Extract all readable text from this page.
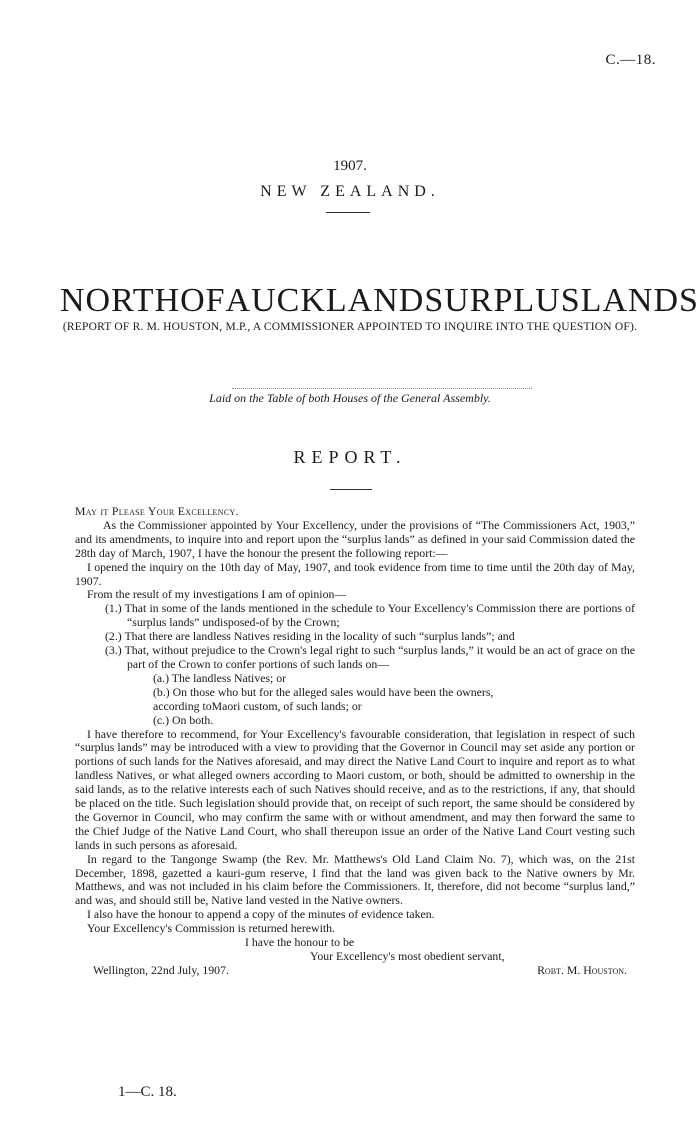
C.—18.
1907.
NEW ZEALAND.
NORTH OF AUCKLAND SURPLUS LANDS
(REPORT OF R. M. HOUSTON, M.P., A COMMISSIONER APPOINTED TO INQUIRE INTO THE QUESTION OF).
Laid on the Table of both Houses of the General Assembly.
REPORT.

May it Please Your Excellency.

As the Commissioner appointed by Your Excellency, under the provisions of “The Commissioners Act, 1903,” and its amendments, to inquire into and report upon the “surplus lands” as defined in your said Commission dated the 28th day of March, 1907, I have the honour the present the following report:—

I opened the inquiry on the 10th day of May, 1907, and took evidence from time to time until the 20th day of May, 1907.

From the result of my investigations I am of opinion—

(1.) That in some of the lands mentioned in the schedule to Your Excellency's Commission there are portions of “surplus lands” undisposed-of by the Crown;

(2.) That there are landless Natives residing in the locality of such “surplus lands”; and

(3.) That, without prejudice to the Crown's legal right to such “surplus lands,” it would be an act of grace on the part of the Crown to confer portions of such lands on—

(a.) The landless Natives; or

(b.) On those who but for the alleged sales would have been the owners,

according toMaori custom, of such lands; or

(c.) On both.

I have therefore to recommend, for Your Excellency's favourable consideration, that legislation in respect of such “surplus lands” may be introduced with a view to providing that the Governor in Council may set aside any portion or portions of such lands for the Natives aforesaid, and may direct the Native Land Court to inquire and report as to what landless Natives, or what alleged owners according to Maori custom, or both, should be admitted to ownership in the said lands, as to the relative interests each of such Natives should receive, and as to the restrictions, if any, that should be placed on the title. Such legislation should provide that, on receipt of such report, the same should be considered by the Governor in Council, who may confirm the same with or without amendment, and may then forward the same to the Chief Judge of the Native Land Court, who shall thereupon issue an order of the Native Land Court vesting such lands in such persons as aforesaid.

In regard to the Tangonge Swamp (the Rev. Mr. Matthews's Old Land Claim No. 7), which was, on the 21st December, 1898, gazetted a kauri-gum reserve, I find that the land was given back to the Native owners by Mr. Matthews, and was not included in his claim before the Commissioners. It, therefore, did not become “surplus land,” and was, and should still be, Native land vested in the Native owners.

I also have the honour to append a copy of the minutes of evidence taken.

Your Excellency's Commission is returned herewith.

I have the honour to be

Your Excellency's most obedient servant,

Wellington, 22nd July, 1907.	Robt. M. Houston.
1—C. 18.
